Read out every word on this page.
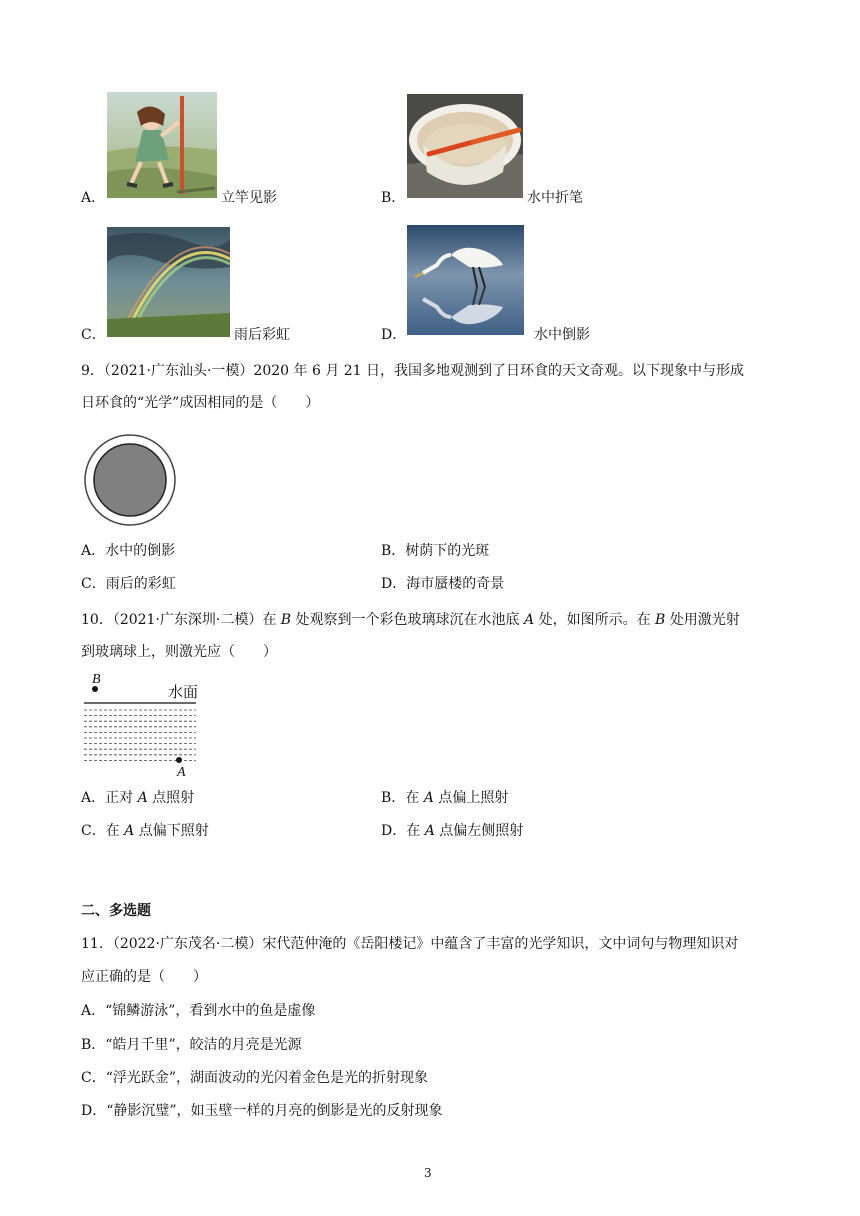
A．	立竿见影	B．	水中折笔
C．	雨后彩虹	D．	水中倒影
9．（2021·广东汕头·一模）2020 年 6 月 21 日，我国多地观测到了日环食的天文奇观。以下现象中与形成
日环食的“光学”成因相同的是（　　）
A．水中的倒影	B．树荫下的光斑
C．雨后的彩虹	D．海市蜃楼的奇景
10．（2021·广东深圳·二模）在 B 处观察到一个彩色玻璃球沉在水池底 A 处，如图所示。在 B 处用激光射
到玻璃球上，则激光应（　　）
B
水面
A
A．正对 A 点照射	B．在 A 点偏上照射
C．在 A 点偏下照射	D．在 A 点偏左侧照射
二、多选题
11．（2022·广东茂名·二模）宋代范仲淹的《岳阳楼记》中蕴含了丰富的光学知识，文中词句与物理知识对
应正确的是（　　）
A．“锦鳞游泳”，看到水中的鱼是虚像
B．“皓月千里”，皎洁的月亮是光源
C．“浮光跃金”，湖面波动的光闪着金色是光的折射现象
D．“静影沉璧”，如玉壁一样的月亮的倒影是光的反射现象
3
